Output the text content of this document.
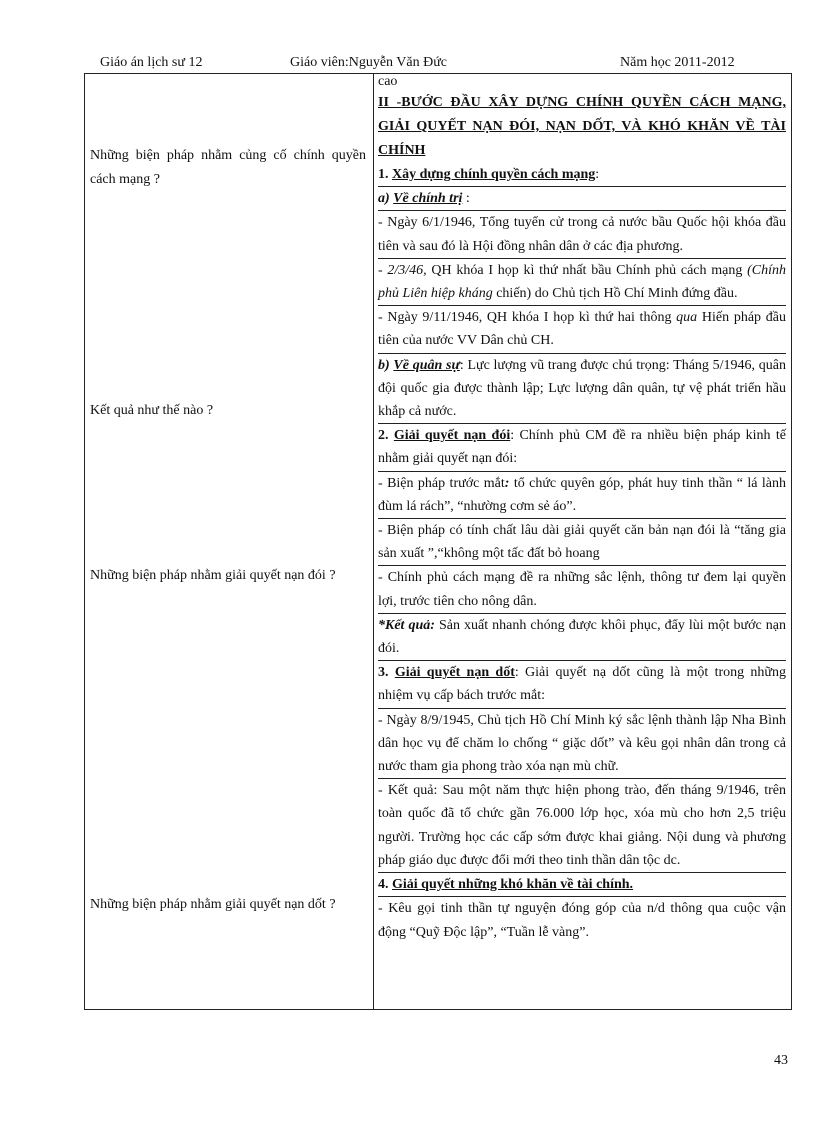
Giáo án lịch sư 12	Giáo viên:Nguyễn Văn Đức	Năm học 2011-2012
Những biện pháp nhằm củng cố chính quyền cách mạng ?
Kết quả như thế nào ?
Những biện pháp nhằm giải quyết nạn đói ?
Những biện pháp nhằm giải quyết nạn dốt ?

cao

II -BƯỚC ĐẦU XÂY DỰNG CHÍNH QUYỀN CÁCH MẠNG, GIẢI QUYẾT NẠN ĐÓI, NẠN DỐT, VÀ KHÓ KHĂN VỀ TÀI CHÍNH

1. Xây dựng chính quyền cách mạng:

a) Về chính trị :

- Ngày 6/1/1946, Tổng tuyển cử trong cả nước bầu Quốc hội khóa đầu tiên và sau đó là Hội đồng nhân dân ở các địa phương.

- 2/3/46, QH khóa I họp kì thứ nhất bầu Chính phủ cách mạng (Chính phủ Liên hiệp kháng chiến) do Chủ tịch Hồ Chí Minh đứng đầu.

- Ngày 9/11/1946, QH khóa I họp kì thứ hai thông qua Hiến pháp đầu tiên của nước VV Dân chủ CH.

b) Về quân sự: Lực lượng vũ trang được chú trọng: Tháng 5/1946, quân đội quốc gia được thành lập; Lực lượng dân quân, tự vệ phát triển hầu khắp cả nước.

2. Giải quyết nạn đói: Chính phủ CM đề ra nhiều biện pháp kinh tế nhằm giải quyết nạn đói:

- Biện pháp trước mắt: tổ chức quyên góp, phát huy tinh thần “ lá lành đùm lá rách”, “nhường cơm sẻ áo”.

- Biện pháp có tính chất lâu dài giải quyết căn bản nạn đói là “tăng gia sản xuất ”,“không một tấc đất bỏ hoang

- Chính phủ cách mạng đề ra những sắc lệnh, thông tư đem lại quyền lợi, trước tiên cho nông dân.

*Kết quả: Sản xuất nhanh chóng được khôi phục, đẩy lùi một bước nạn đói.

3. Giải quyết nạn dốt: Giải quyết nạ dốt cũng là một trong những nhiệm vụ cấp bách trước mắt:

- Ngày 8/9/1945, Chủ tịch Hồ Chí Minh ký sắc lệnh thành lập Nha Bình dân học vụ để chăm lo chống “ giặc dốt” và kêu gọi nhân dân trong cả nước tham gia phong trào xóa nạn mù chữ.

- Kết quả: Sau một năm thực hiện phong trào, đến tháng 9/1946, trên toàn quốc đã tổ chức gần 76.000 lớp học, xóa mù cho hơn 2,5 triệu người. Trường học các cấp sớm được khai giảng. Nội dung và phương pháp giáo dục được đổi mới theo tinh thần dân tộc dc.

4. Giải quyết những khó khăn về tài chính.

- Kêu gọi tinh thần tự nguyện đóng góp của n/d thông qua cuộc vận động “Quỹ Độc lập”, “Tuần lễ vàng”.

43
